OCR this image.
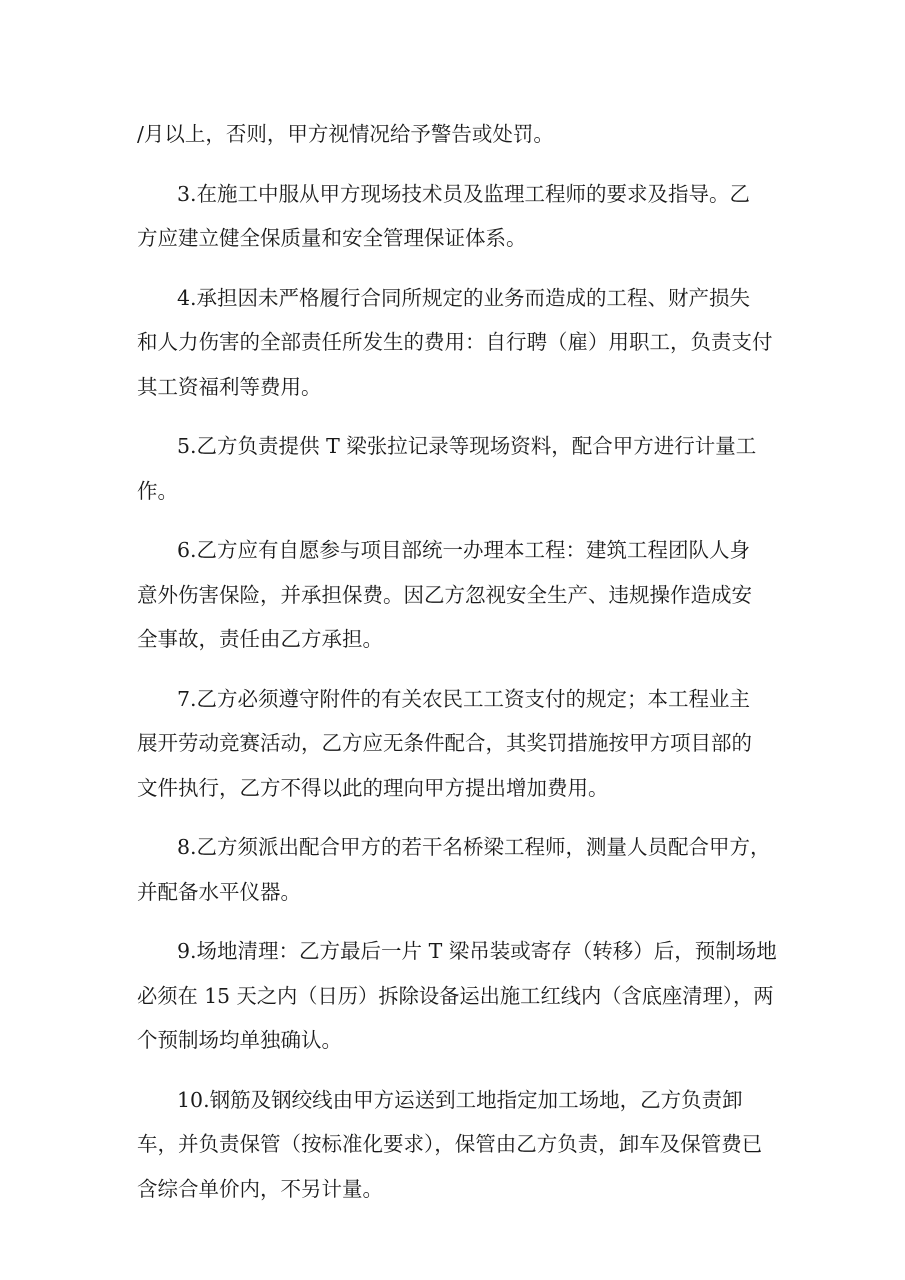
/月以上，否则，甲方视情况给予警告或处罚。
3.在施工中服从甲方现场技术员及监理工程师的要求及指导。乙
方应建立健全保质量和安全管理保证体系。
4.承担因未严格履行合同所规定的业务而造成的工程、财产损失
和人力伤害的全部责任所发生的费用：自行聘（雇）用职工，负责支付
其工资福利等费用。
5.乙方负责提供 T 梁张拉记录等现场资料，配合甲方进行计量工
作。
6.乙方应有自愿参与项目部统一办理本工程：建筑工程团队人身
意外伤害保险，并承担保费。因乙方忽视安全生产、违规操作造成安
全事故，责任由乙方承担。
7.乙方必须遵守附件的有关农民工工资支付的规定；本工程业主
展开劳动竞赛活动，乙方应无条件配合，其奖罚措施按甲方项目部的
文件执行，乙方不得以此的理向甲方提出增加费用。
8.乙方须派出配合甲方的若干名桥梁工程师，测量人员配合甲方，
并配备水平仪器。
9.场地清理：乙方最后一片 T 梁吊装或寄存（转移）后，预制场地
必须在 15 天之内（日历）拆除设备运出施工红线内（含底座清理），两
个预制场均单独确认。
10.钢筋及钢绞线由甲方运送到工地指定加工场地，乙方负责卸
车，并负责保管（按标准化要求），保管由乙方负责，卸车及保管费已
含综合单价内，不另计量。
